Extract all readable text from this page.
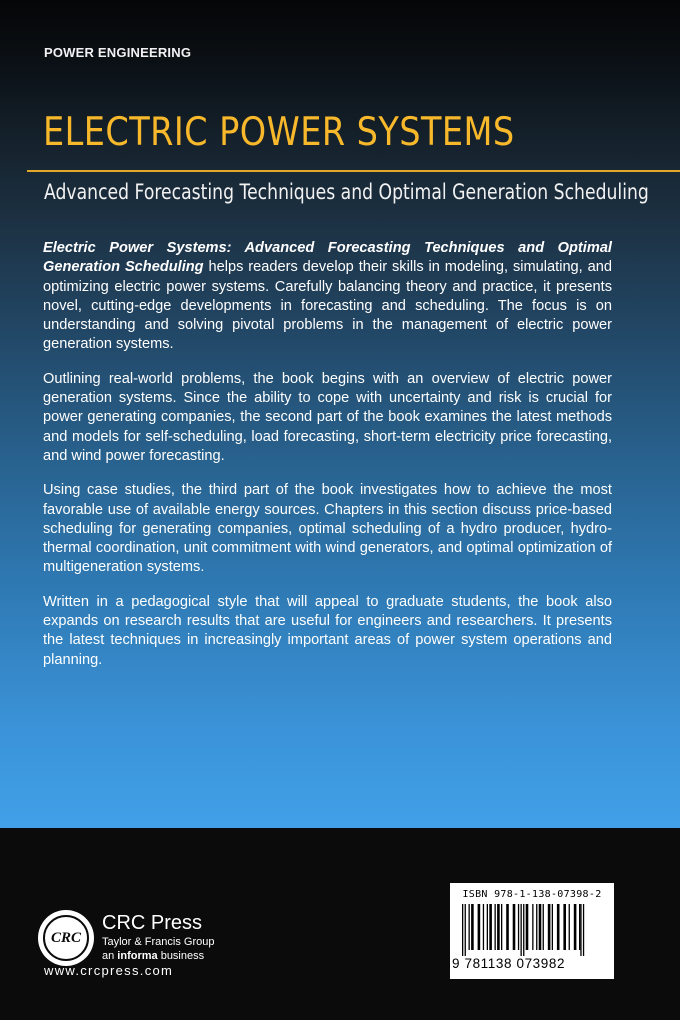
POWER ENGINEERING
ELECTRIC POWER SYSTEMS
Advanced Forecasting Techniques and Optimal Generation Scheduling

Electric Power Systems: Advanced Forecasting Techniques and Optimal Generation Scheduling helps readers develop their skills in modeling, simulating, and optimizing electric power systems. Carefully balancing theory and practice, it presents novel, cutting-edge developments in forecasting and scheduling. The focus is on understanding and solving pivotal problems in the management of electric power generation systems.

Outlining real-world problems, the book begins with an overview of electric power generation systems. Since the ability to cope with uncertainty and risk is crucial for power generating companies, the second part of the book examines the latest methods and models for self-scheduling, load forecasting, short-term electricity price forecasting, and wind power forecasting.

Using case studies, the third part of the book investigates how to achieve the most favorable use of available energy sources. Chapters in this section discuss price-based scheduling for generating companies, optimal scheduling of a hydro producer, hydro-thermal coordination, unit commitment with wind generators, and optimal optimization of multigeneration systems.

Written in a pedagogical style that will appeal to graduate students, the book also expands on research results that are useful for engineers and researchers. It presents the latest techniques in increasingly important areas of power system operations and planning.

CRC
CRC Press
Taylor & Francis Group
an informa business
www.crcpress.com
ISBN 978-1-138-07398-2
9 781138 073982
